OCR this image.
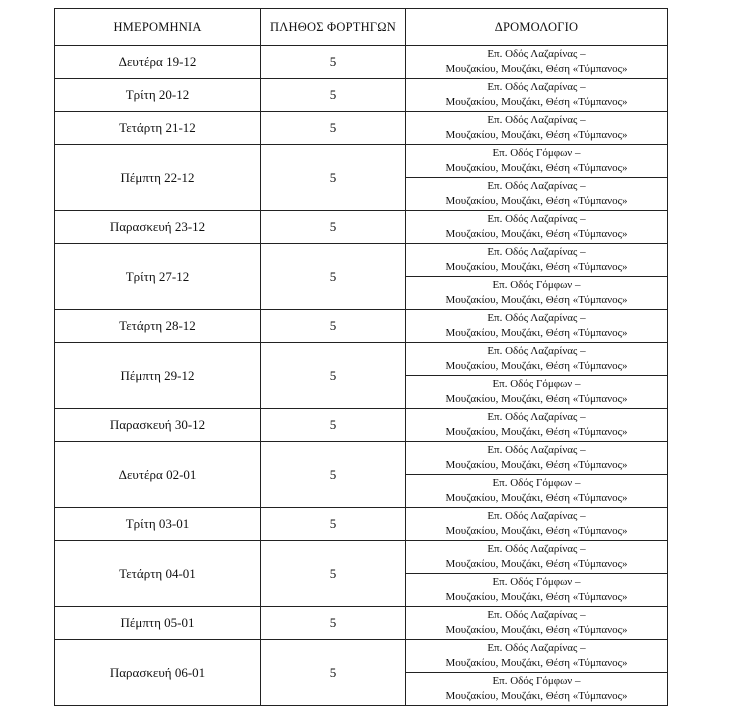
ΗΜΕΡΟΜΗΝΙΑ	ΠΛΗΘΟΣ ΦΟΡΤΗΓΩΝ	ΔΡΟΜΟΛΟΓΙΟ
Δευτέρα 19-12	5	Επ. Οδός Λαζαρίνας –
Μουζακίου, Μουζάκι, Θέση «Τύμπανος»

Τρίτη 20-12	5	Επ. Οδός Λαζαρίνας –
Μουζακίου, Μουζάκι, Θέση «Τύμπανος»

Τετάρτη 21-12	5	Επ. Οδός Λαζαρίνας –
Μουζακίου, Μουζάκι, Θέση «Τύμπανος»

Πέμπτη 22-12	5	Επ. Οδός Γόμφων –
Μουζακίου, Μουζάκι, Θέση «Τύμπανος»

		Επ. Οδός Λαζαρίνας –
Μουζακίου, Μουζάκι, Θέση «Τύμπανος»

Παρασκευή 23-12	5	Επ. Οδός Λαζαρίνας –
Μουζακίου, Μουζάκι, Θέση «Τύμπανος»

Τρίτη 27-12	5	Επ. Οδός Λαζαρίνας –
Μουζακίου, Μουζάκι, Θέση «Τύμπανος»

		Επ. Οδός Γόμφων –
Μουζακίου, Μουζάκι, Θέση «Τύμπανος»

Τετάρτη 28-12	5	Επ. Οδός Λαζαρίνας –
Μουζακίου, Μουζάκι, Θέση «Τύμπανος»

Πέμπτη 29-12	5	Επ. Οδός Λαζαρίνας –
Μουζακίου, Μουζάκι, Θέση «Τύμπανος»

		Επ. Οδός Γόμφων –
Μουζακίου, Μουζάκι, Θέση «Τύμπανος»

Παρασκευή 30-12	5	Επ. Οδός Λαζαρίνας –
Μουζακίου, Μουζάκι, Θέση «Τύμπανος»

Δευτέρα 02-01	5	Επ. Οδός Λαζαρίνας –
Μουζακίου, Μουζάκι, Θέση «Τύμπανος»

		Επ. Οδός Γόμφων –
Μουζακίου, Μουζάκι, Θέση «Τύμπανος»

Τρίτη 03-01	5	Επ. Οδός Λαζαρίνας –
Μουζακίου, Μουζάκι, Θέση «Τύμπανος»

Τετάρτη 04-01	5	Επ. Οδός Λαζαρίνας –
Μουζακίου, Μουζάκι, Θέση «Τύμπανος»

		Επ. Οδός Γόμφων –
Μουζακίου, Μουζάκι, Θέση «Τύμπανος»

Πέμπτη 05-01	5	Επ. Οδός Λαζαρίνας –
Μουζακίου, Μουζάκι, Θέση «Τύμπανος»

Παρασκευή 06-01	5	Επ. Οδός Λαζαρίνας –
Μουζακίου, Μουζάκι, Θέση «Τύμπανος»

		Επ. Οδός Γόμφων –
Μουζακίου, Μουζάκι, Θέση «Τύμπανος»
